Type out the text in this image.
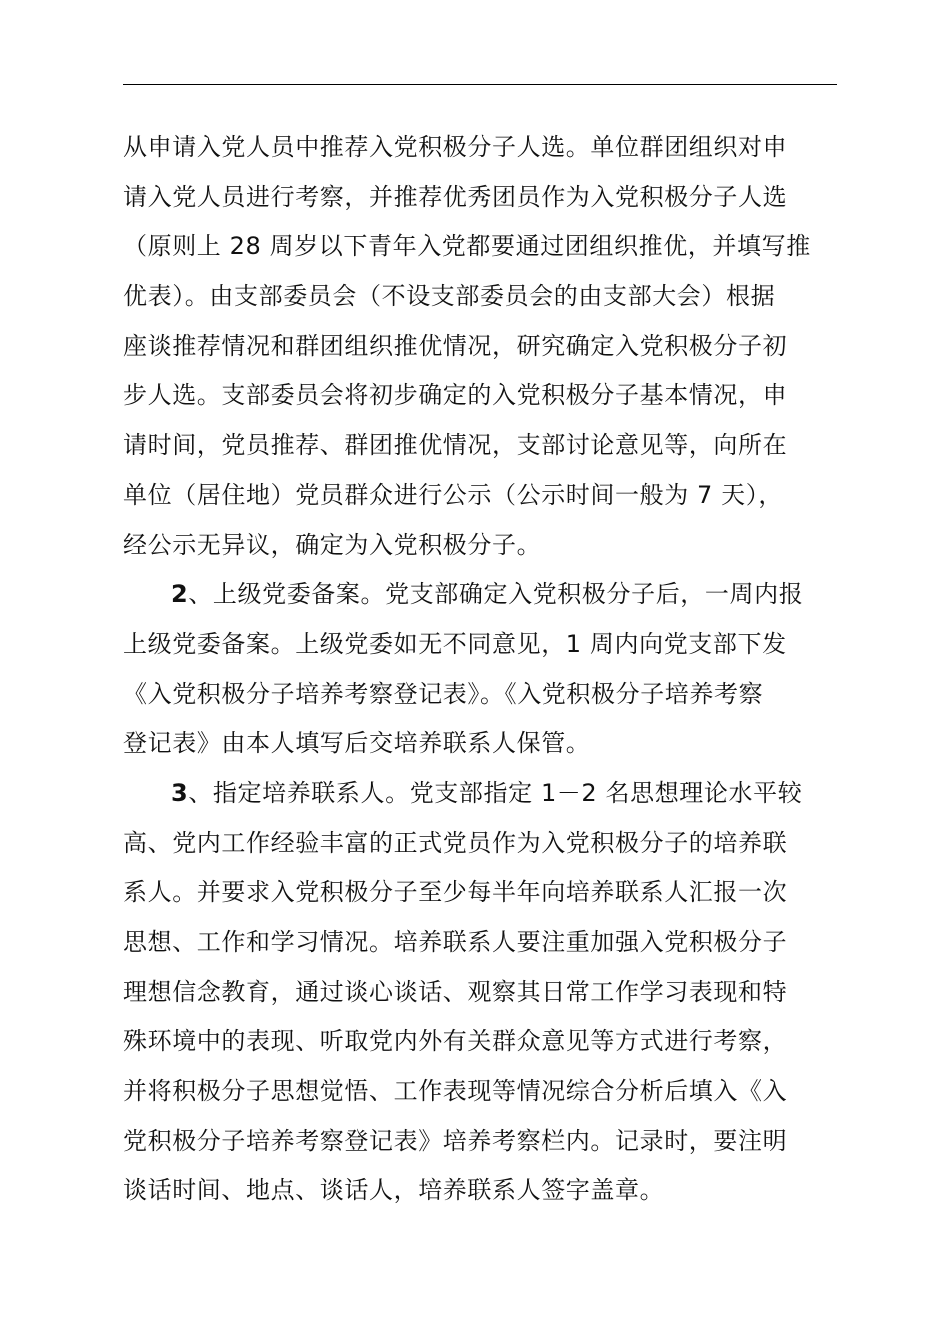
从申请入党人员中推荐入党积极分子人选。单位群团组织对申
请入党人员进行考察，并推荐优秀团员作为入党积极分子人选
（原则上 28 周岁以下青年入党都要通过团组织推优，并填写推
优表）。由支部委员会（不设支部委员会的由支部大会）根据
座谈推荐情况和群团组织推优情况，研究确定入党积极分子初
步人选。支部委员会将初步确定的入党积极分子基本情况，申
请时间，党员推荐、群团推优情况，支部讨论意见等，向所在
单位（居住地）党员群众进行公示（公示时间一般为 7 天），
经公示无异议，确定为入党积极分子。
2、上级党委备案。党支部确定入党积极分子后，一周内报
上级党委备案。上级党委如无不同意见，1 周内向党支部下发
《入党积极分子培养考察登记表》。《入党积极分子培养考察
登记表》由本人填写后交培养联系人保管。
3、指定培养联系人。党支部指定 1－2 名思想理论水平较
高、党内工作经验丰富的正式党员作为入党积极分子的培养联
系人。并要求入党积极分子至少每半年向培养联系人汇报一次
思想、工作和学习情况。培养联系人要注重加强入党积极分子
理想信念教育，通过谈心谈话、观察其日常工作学习表现和特
殊环境中的表现、听取党内外有关群众意见等方式进行考察，
并将积极分子思想觉悟、工作表现等情况综合分析后填入《入
党积极分子培养考察登记表》培养考察栏内。记录时，要注明
谈话时间、地点、谈话人，培养联系人签字盖章。
